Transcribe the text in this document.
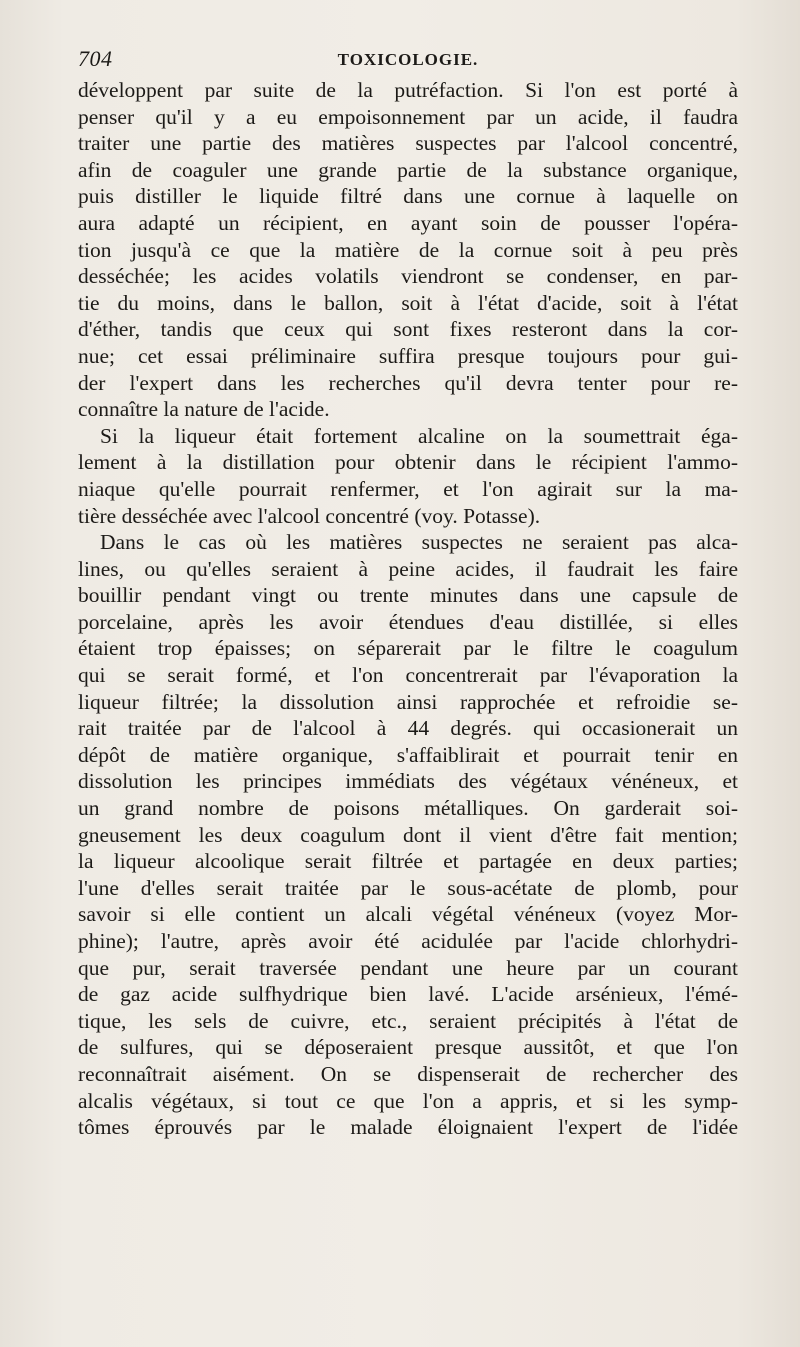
704	TOXICOLOGIE.
développent par suite de la putréfaction. Si l'on est porté à
penser qu'il y a eu empoisonnement par un acide, il faudra
traiter une partie des matières suspectes par l'alcool concentré,
afin de coaguler une grande partie de la substance organique,
puis distiller le liquide filtré dans une cornue à laquelle on
aura adapté un récipient, en ayant soin de pousser l'opéra-
tion jusqu'à ce que la matière de la cornue soit à peu près
desséchée; les acides volatils viendront se condenser, en par-
tie du moins, dans le ballon, soit à l'état d'acide, soit à l'état
d'éther, tandis que ceux qui sont fixes resteront dans la cor-
nue; cet essai préliminaire suffira presque toujours pour gui-
der l'expert dans les recherches qu'il devra tenter pour re-
connaître la nature de l'acide.
Si la liqueur était fortement alcaline on la soumettrait éga-
lement à la distillation pour obtenir dans le récipient l'ammo-
niaque qu'elle pourrait renfermer, et l'on agirait sur la ma-
tière desséchée avec l'alcool concentré (voy. Potasse).
Dans le cas où les matières suspectes ne seraient pas alca-
lines, ou qu'elles seraient à peine acides, il faudrait les faire
bouillir pendant vingt ou trente minutes dans une capsule de
porcelaine, après les avoir étendues d'eau distillée, si elles
étaient trop épaisses; on séparerait par le filtre le coagulum
qui se serait formé, et l'on concentrerait par l'évaporation la
liqueur filtrée; la dissolution ainsi rapprochée et refroidie se-
rait traitée par de l'alcool à 44 degrés. qui occasionerait un
dépôt de matière organique, s'affaiblirait et pourrait tenir en
dissolution les principes immédiats des végétaux vénéneux, et
un grand nombre de poisons métalliques. On garderait soi-
gneusement les deux coagulum dont il vient d'être fait mention;
la liqueur alcoolique serait filtrée et partagée en deux parties;
l'une d'elles serait traitée par le sous-acétate de plomb, pour
savoir si elle contient un alcali végétal vénéneux (voyez Mor-
phine); l'autre, après avoir été acidulée par l'acide chlorhydri-
que pur, serait traversée pendant une heure par un courant
de gaz acide sulfhydrique bien lavé. L'acide arsénieux, l'émé-
tique, les sels de cuivre, etc., seraient précipités à l'état de
de sulfures, qui se déposeraient presque aussitôt, et que l'on
reconnaîtrait aisément. On se dispenserait de rechercher des
alcalis végétaux, si tout ce que l'on a appris, et si les symp-
tômes éprouvés par le malade éloignaient l'expert de l'idée
